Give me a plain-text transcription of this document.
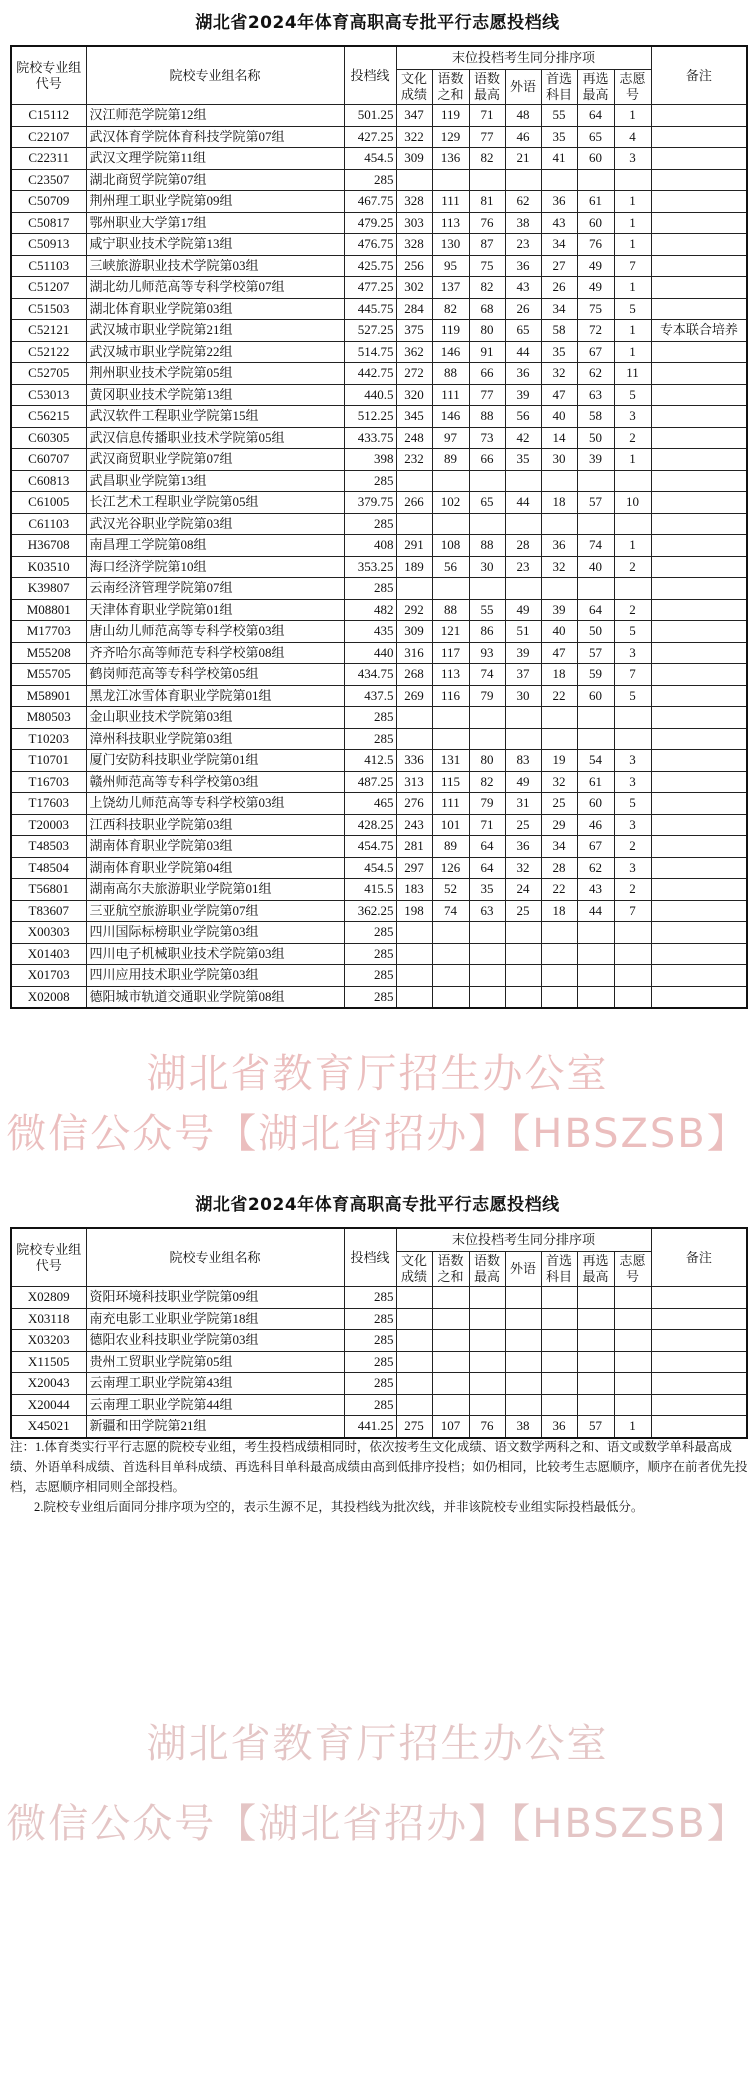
湖北省2024年体育高职高专批平行志愿投档线
院校专业组代号	院校专业组名称	投档线	末位投档考生同分排序项							备注
			文化成绩	语数之和	语数最高	外语	首选科目	再选最高	志愿号	
C15112	汉江师范学院第12组	501.25	347	119	71	48	55	64	1	
C22107	武汉体育学院体育科技学院第07组	427.25	322	129	77	46	35	65	4	
C22311	武汉文理学院第11组	454.5	309	136	82	21	41	60	3	
C23507	湖北商贸学院第07组	285								
C50709	荆州理工职业学院第09组	467.75	328	111	81	62	36	61	1	
C50817	鄂州职业大学第17组	479.25	303	113	76	38	43	60	1	
C50913	咸宁职业技术学院第13组	476.75	328	130	87	23	34	76	1	
C51103	三峡旅游职业技术学院第03组	425.75	256	95	75	36	27	49	7	
C51207	湖北幼儿师范高等专科学校第07组	477.25	302	137	82	43	26	49	1	
C51503	湖北体育职业学院第03组	445.75	284	82	68	26	34	75	5	
C52121	武汉城市职业学院第21组	527.25	375	119	80	65	58	72	1	专本联合培养
C52122	武汉城市职业学院第22组	514.75	362	146	91	44	35	67	1	
C52705	荆州职业技术学院第05组	442.75	272	88	66	36	32	62	11	
C53013	黄冈职业技术学院第13组	440.5	320	111	77	39	47	63	5	
C56215	武汉软件工程职业学院第15组	512.25	345	146	88	56	40	58	3	
C60305	武汉信息传播职业技术学院第05组	433.75	248	97	73	42	14	50	2	
C60707	武汉商贸职业学院第07组	398	232	89	66	35	30	39	1	
C60813	武昌职业学院第13组	285								
C61005	长江艺术工程职业学院第05组	379.75	266	102	65	44	18	57	10	
C61103	武汉光谷职业学院第03组	285								
H36708	南昌理工学院第08组	408	291	108	88	28	36	74	1	
K03510	海口经济学院第10组	353.25	189	56	30	23	32	40	2	
K39807	云南经济管理学院第07组	285								
M08801	天津体育职业学院第01组	482	292	88	55	49	39	64	2	
M17703	唐山幼儿师范高等专科学校第03组	435	309	121	86	51	40	50	5	
M55208	齐齐哈尔高等师范专科学校第08组	440	316	117	93	39	47	57	3	
M55705	鹤岗师范高等专科学校第05组	434.75	268	113	74	37	18	59	7	
M58901	黑龙江冰雪体育职业学院第01组	437.5	269	116	79	30	22	60	5	
M80503	金山职业技术学院第03组	285								
T10203	漳州科技职业学院第03组	285								
T10701	厦门安防科技职业学院第01组	412.5	336	131	80	83	19	54	3	
T16703	赣州师范高等专科学校第03组	487.25	313	115	82	49	32	61	3	
T17603	上饶幼儿师范高等专科学校第03组	465	276	111	79	31	25	60	5	
T20003	江西科技职业学院第03组	428.25	243	101	71	25	29	46	3	
T48503	湖南体育职业学院第03组	454.75	281	89	64	36	34	67	2	
T48504	湖南体育职业学院第04组	454.5	297	126	64	32	28	62	3	
T56801	湖南高尔夫旅游职业学院第01组	415.5	183	52	35	24	22	43	2	
T83607	三亚航空旅游职业学院第07组	362.25	198	74	63	25	18	44	7	
X00303	四川国际标榜职业学院第03组	285								
X01403	四川电子机械职业技术学院第03组	285								
X01703	四川应用技术职业学院第03组	285								
X02008	德阳城市轨道交通职业学院第08组	285								
湖北省教育厅招生办公室
微信公众号【湖北省招办】【HBSZSB】
湖北省2024年体育高职高专批平行志愿投档线
院校专业组代号	院校专业组名称	投档线	末位投档考生同分排序项							备注
			文化成绩	语数之和	语数最高	外语	首选科目	再选最高	志愿号	
X02809	资阳环境科技职业学院第09组	285								
X03118	南充电影工业职业学院第18组	285								
X03203	德阳农业科技职业学院第03组	285								
X11505	贵州工贸职业学院第05组	285								
X20043	云南理工职业学院第43组	285								
X20044	云南理工职业学院第44组	285								
X45021	新疆和田学院第21组	441.25	275	107	76	38	36	57	1	

注：1.体育类实行平行志愿的院校专业组，考生投档成绩相同时，依次按考生文化成绩、语文数学两科之和、语文或数学单科最高成绩、外语单科成绩、首选科目单科成绩、再选科目单科最高成绩由高到低排序投档；如仍相同，比较考生志愿顺序，顺序在前者优先投档，志愿顺序相同则全部投档。

2.院校专业组后面同分排序项为空的，表示生源不足，其投档线为批次线，并非该院校专业组实际投档最低分。

湖北省教育厅招生办公室
微信公众号【湖北省招办】【HBSZSB】
